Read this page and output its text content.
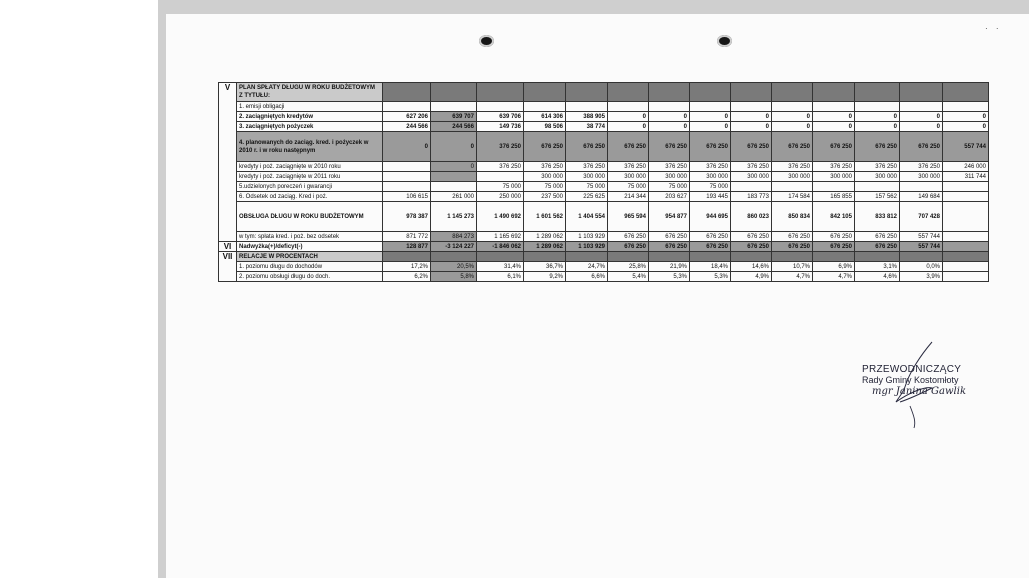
· ·
V	PLAN SPŁATY DŁUGU W ROKU BUDŻETOWYM Z TYTUŁU:														
	1. emisji obligacji														
	2. zaciągniętych kredytów	627 206	639 707	639 706	614 306	388 905	0	0	0	0	0	0	0	0	0
	3. zaciągniętych pożyczek	244 566	244 566	149 736	98 506	38 774	0	0	0	0	0	0	0	0	0
	4. planowanych do zaciąg. kred. i pożyczek w 2010 r. i w roku następnym	0	0	376 250	676 250	676 250	676 250	676 250	676 250	676 250	676 250	676 250	676 250	676 250	557 744
	kredyty i poż. zaciągnięte w 2010 roku		0	376 250	376 250	376 250	376 250	376 250	376 250	376 250	376 250	376 250	376 250	376 250	246 000
	kredyty i poż. zaciągnięte w 2011 roku				300 000	300 000	300 000	300 000	300 000	300 000	300 000	300 000	300 000	300 000	311 744
	5.udzielonych poreczeń i gwarancji			75 000	75 000	75 000	75 000	75 000	75 000						
	6. Odsetek od zaciąg. Kred i poż.	106 615	261 000	250 000	237 500	225 625	214 344	203 627	193 445	183 773	174 584	165 855	157 562	149 684	
	OBSŁUGA DŁUGU W ROKU BUDŻETOWYM	978 387	1 145 273	1 490 692	1 601 562	1 404 554	965 594	954 877	944 695	860 023	850 834	842 105	833 812	707 428	
	w tym: spłata kred. i poż. bez odsetek	871 772	884 273	1 165 692	1 289 062	1 103 929	676 250	676 250	676 250	676 250	676 250	676 250	676 250	557 744	
VI	Nadwyżka(+)/deficyt(-)	128 877	-3 124 227	-1 846 062	1 289 062	1 103 929	676 250	676 250	676 250	676 250	676 250	676 250	676 250	557 744	
VII	RELACJE W PROCENTACH														
	1. poziomu długu do dochodów	17,2%	20,5%	31,4%	36,7%	24,7%	25,8%	21,9%	18,4%	14,6%	10,7%	6,9%	3,1%	0,0%	
	2. poziomu obsługi długu do doch.	6,2%	5,8%	6,1%	9,2%	6,6%	5,4%	5,3%	5,3%	4,9%	4,7%	4,7%	4,6%	3,9%	
PRZEWODNICZĄCY
Rady Gminy Kostomłoty
mgr Janina Gawlik
